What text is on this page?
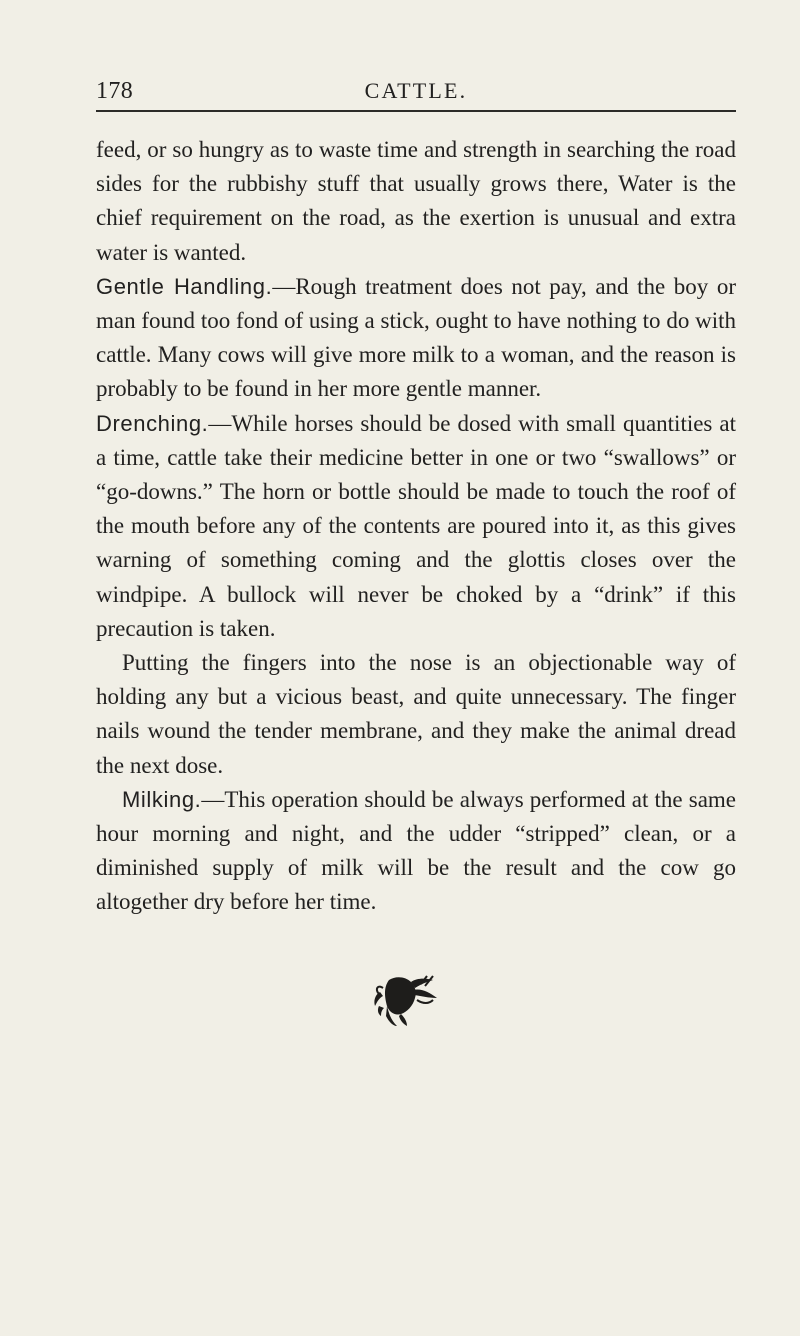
178	CATTLE.

feed, or so hungry as to waste time and strength in searching the road sides for the rubbishy stuff that usually grows there, Water is the chief requirement on the road, as the exertion is unusual and extra water is wanted.

Gentle Handling.—Rough treatment does not pay, and the boy or man found too fond of using a stick, ought to have nothing to do with cattle. Many cows will give more milk to a woman, and the reason is probably to be found in her more gentle manner.

Drenching.—While horses should be dosed with small quantities at a time, cattle take their medicine better in one or two “swallows” or “go-downs.” The horn or bottle should be made to touch the roof of the mouth before any of the contents are poured into it, as this gives warning of something coming and the glottis closes over the windpipe. A bullock will never be choked by a “drink” if this precaution is taken.

Putting the fingers into the nose is an objectionable way of holding any but a vicious beast, and quite unnecessary. The finger nails wound the tender membrane, and they make the animal dread the next dose.

Milking.—This operation should be always performed at the same hour morning and night, and the udder “stripped” clean, or a diminished supply of milk will be the result and the cow go altogether dry before her time.
